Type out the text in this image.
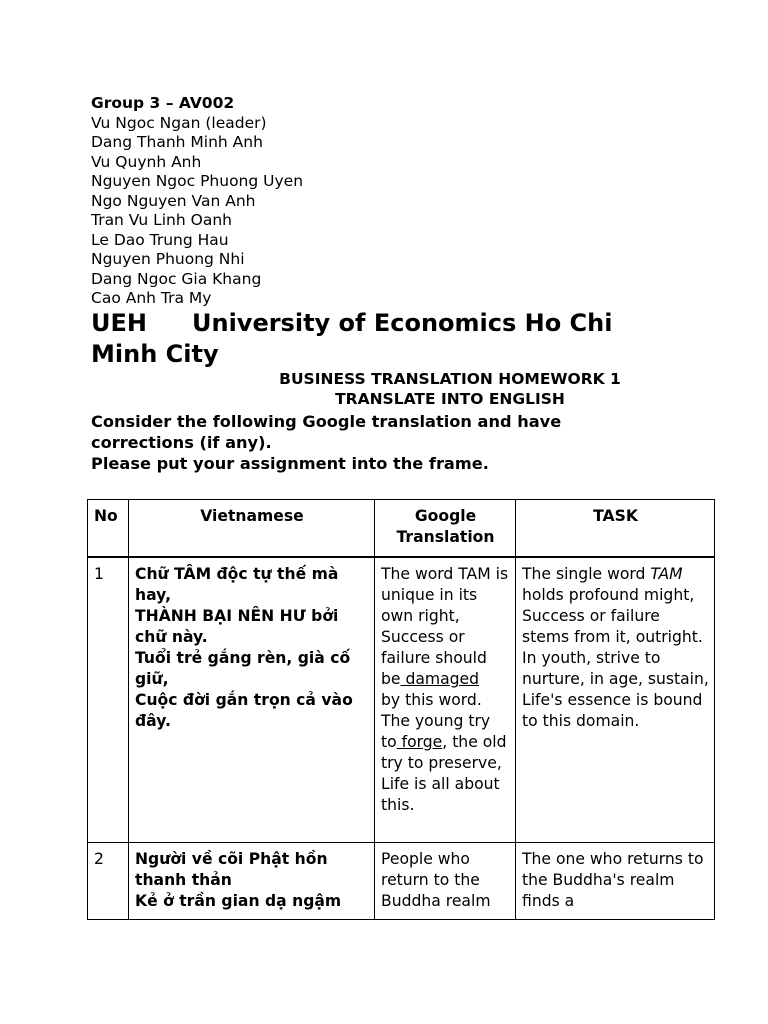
Group 3 – AV002
Vu Ngoc Ngan (leader)
Dang Thanh Minh Anh
Vu Quynh Anh
Nguyen Ngoc Phuong Uyen
Ngo Nguyen Van Anh
Tran Vu Linh Oanh
Le Dao Trung Hau
Nguyen Phuong Nhi
Dang Ngoc Gia Khang
Cao Anh Tra My
UEH University of Economics Ho Chi
Minh City
BUSINESS TRANSLATION HOMEWORK 1
TRANSLATE INTO ENGLISH
Consider the following Google translation and have
corrections (if any).
Please put your assignment into the frame.
No	Vietnamese	Google Translation	TASK
1	Chữ TÂM độc tự thế mà hay,
THÀNH BẠI NÊN HƯ bởi chữ này.
Tuổi trẻ gắng rèn, già cố giữ,
Cuộc đời gắn trọn cả vào đây.	The word TAM is unique in its own right,
Success or failure should be damaged
by this word.
The young try to forge, the old try to preserve,
Life is all about this.	The single word TAM holds profound might,
Success or failure stems from it, outright.
In youth, strive to nurture, in age, sustain,
Life's essence is bound to this domain.

2	Người về cõi Phật hồn thanh thản
Kẻ ở trần gian dạ ngậm	People who return to the Buddha realm	The one who returns to the Buddha's realm finds a
